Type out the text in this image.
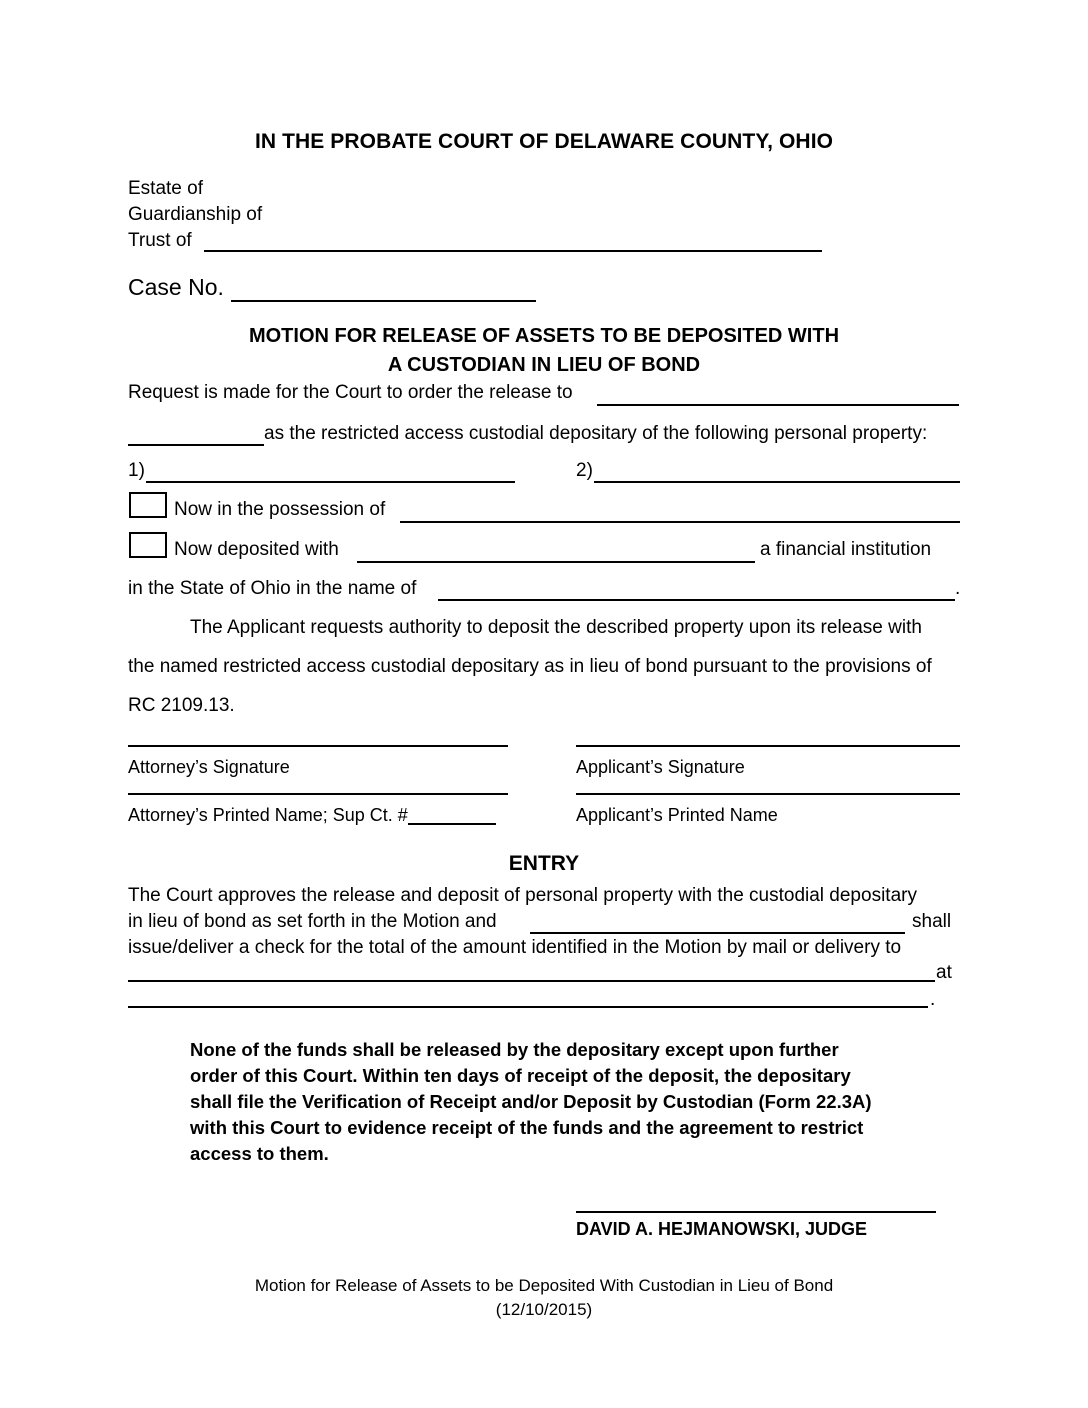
IN THE PROBATE COURT OF DELAWARE COUNTY, OHIO
Estate of
Guardianship of
Trust of
Case No.
MOTION FOR RELEASE OF ASSETS TO BE DEPOSITED WITH
A CUSTODIAN IN LIEU OF BOND
Request is made for the Court to order the release to
as the restricted access custodial depositary of the following personal property:
1)	2)
Now in the possession of
Now deposited with	a financial institution
in the State of Ohio in the name of	.
The Applicant requests authority to deposit the described property upon its release with
the named restricted access custodial depositary as in lieu of bond pursuant to the provisions of
RC 2109.13.
Attorney’s Signature	Applicant’s Signature
Attorney’s Printed Name; Sup Ct. #	Applicant’s Printed Name
ENTRY
The Court approves the release and deposit of personal property with the custodial depositary
in lieu of bond as set forth in the Motion and	shall
issue/deliver a check for the total of the amount identified in the Motion by mail or delivery to
at
.
None of the funds shall be released by the depositary except upon further
order of this Court. Within ten days of receipt of the deposit, the depositary
shall file the Verification of Receipt and/or Deposit by Custodian (Form 22.3A)
with this Court to evidence receipt of the funds and the agreement to restrict
access to them.
DAVID A. HEJMANOWSKI, JUDGE
Motion for Release of Assets to be Deposited With Custodian in Lieu of Bond
(12/10/2015)
